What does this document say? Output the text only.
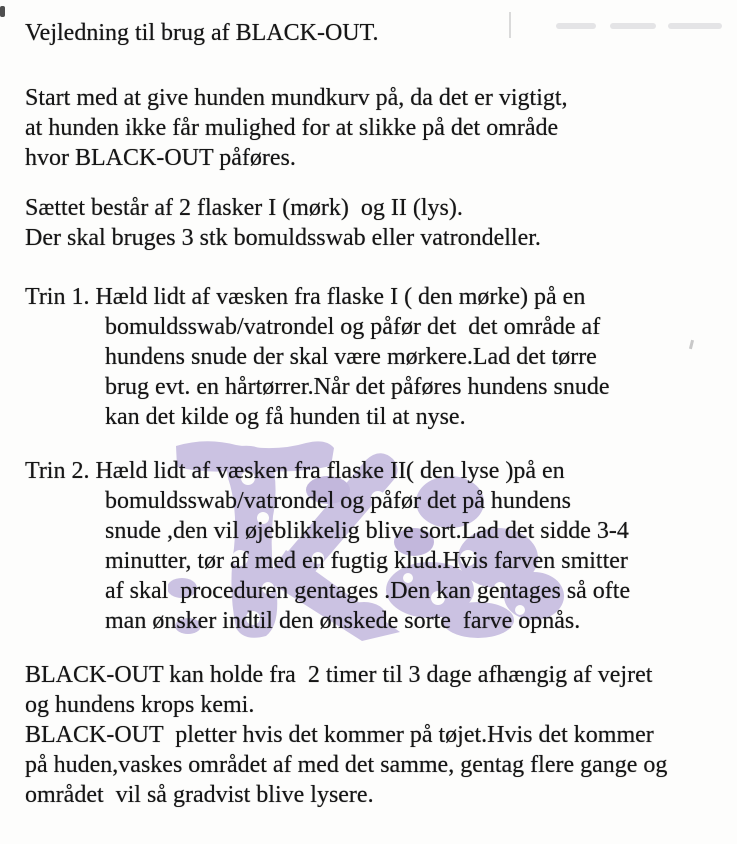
Vejledning til brug af BLACK-OUT.
Start med at give hunden mundkurv på, da det er vigtigt,
at hunden ikke får mulighed for at slikke på det område
hvor BLACK-OUT påføres.
Sættet består af 2 flasker I (mørk)  og II (lys).
Der skal bruges 3 stk bomuldsswab eller vatrondeller.
Trin 1. Hæld lidt af væsken fra flaske I ( den mørke) på en
bomuldsswab/vatrondel og påfør det  det område af
hundens snude der skal være mørkere.Lad det tørre
brug evt. en hårtørrer.Når det påføres hundens snude
kan det kilde og få hunden til at nyse.
Trin 2. Hæld lidt af væsken fra flaske II( den lyse )på en
bomuldsswab/vatrondel og påfør det på hundens
snude ,den vil øjeblikkelig blive sort.Lad det sidde 3-4
minutter, tør af med en fugtig klud.Hvis farven smitter
af skal  proceduren gentages .Den kan gentages så ofte
man ønsker indtil den ønskede sorte  farve opnås.
BLACK-OUT kan holde fra  2 timer til 3 dage afhængig af vejret
og hundens krops kemi.
BLACK-OUT  pletter hvis det kommer på tøjet.Hvis det kommer
på huden,vaskes området af med det samme, gentag flere gange og
området  vil så gradvist blive lysere.
